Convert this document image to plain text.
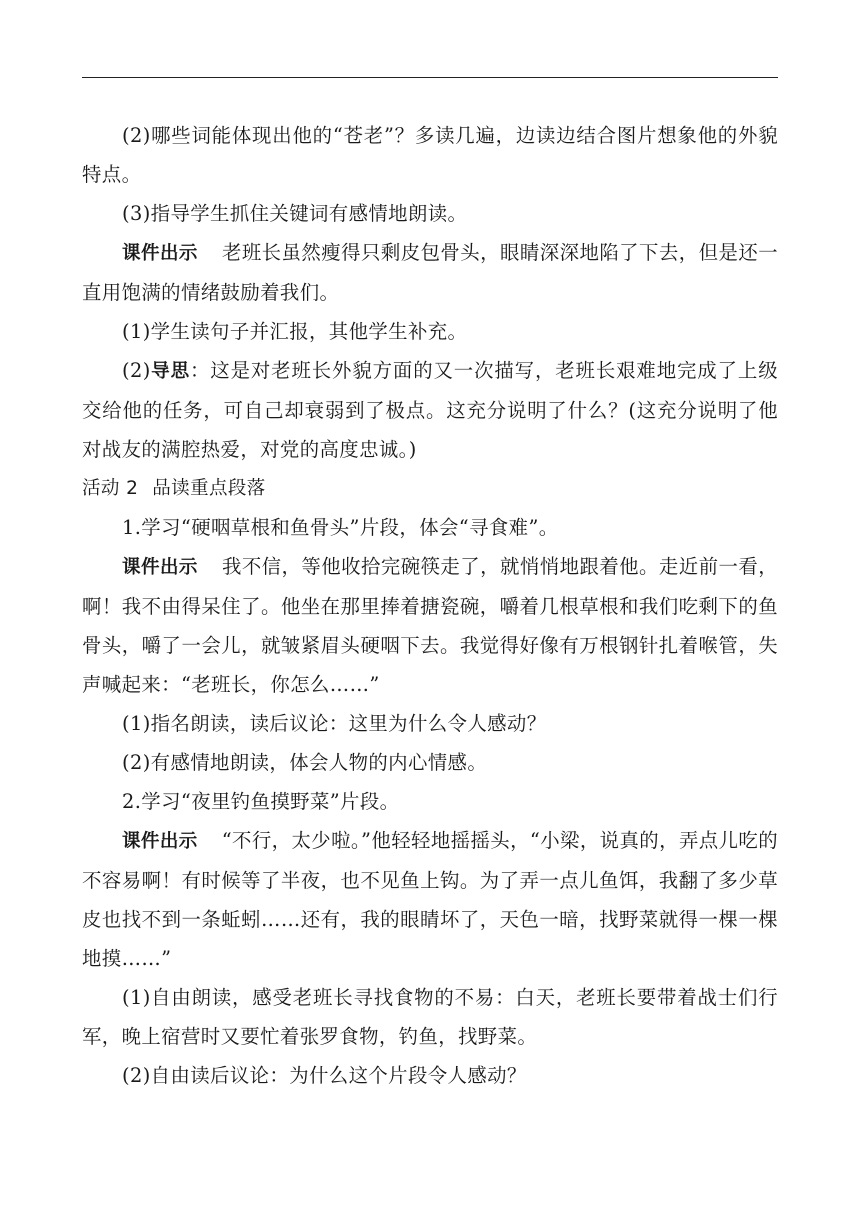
(2)哪些词能体现出他的“苍老”？多读几遍，边读边结合图片想象他的外貌特点。

(3)指导学生抓住关键词有感情地朗读。

课件出示 老班长虽然瘦得只剩皮包骨头，眼睛深深地陷了下去，但是还一直用饱满的情绪鼓励着我们。

(1)学生读句子并汇报，其他学生补充。

(2)导思：这是对老班长外貌方面的又一次描写，老班长艰难地完成了上级交给他的任务，可自己却衰弱到了极点。这充分说明了什么？(这充分说明了他对战友的满腔热爱，对党的高度忠诚。)

活动 2 品读重点段落

1.学习“硬咽草根和鱼骨头”片段，体会“寻食难”。

课件出示 我不信，等他收拾完碗筷走了，就悄悄地跟着他。走近前一看，啊！我不由得呆住了。他坐在那里捧着搪瓷碗，嚼着几根草根和我们吃剩下的鱼骨头，嚼了一会儿，就皱紧眉头硬咽下去。我觉得好像有万根钢针扎着喉管，失声喊起来：“老班长，你怎么……”

(1)指名朗读，读后议论：这里为什么令人感动？

(2)有感情地朗读，体会人物的内心情感。

2.学习“夜里钓鱼摸野菜”片段。

课件出示 “不行，太少啦。”他轻轻地摇摇头，“小梁，说真的，弄点儿吃的不容易啊！有时候等了半夜，也不见鱼上钩。为了弄一点儿鱼饵，我翻了多少草皮也找不到一条蚯蚓……还有，我的眼睛坏了，天色一暗，找野菜就得一棵一棵地摸……”

(1)自由朗读，感受老班长寻找食物的不易：白天，老班长要带着战士们行军，晚上宿营时又要忙着张罗食物，钓鱼，找野菜。

(2)自由读后议论：为什么这个片段令人感动？
